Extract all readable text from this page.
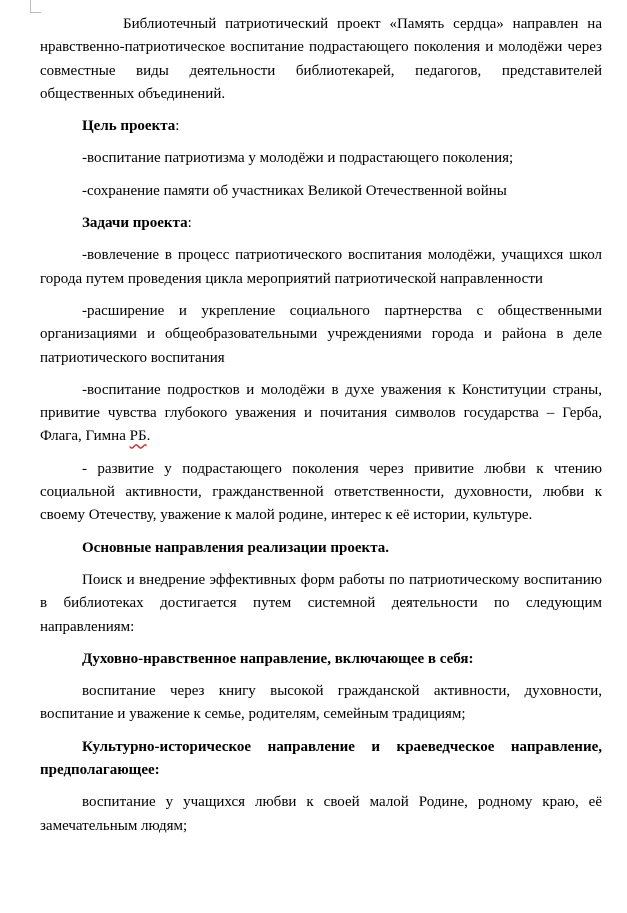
Библиотечный патриотический проект «Память сердца» направлен на нравственно-патриотическое воспитание подрастающего поколения и молодёжи через совместные виды деятельности библиотекарей, педагогов, представителей общественных объединений.

Цель проекта:

-воспитание патриотизма у молодёжи и подрастающего поколения;

-сохранение памяти об участниках Великой Отечественной войны

Задачи проекта:

-вовлечение в процесс патриотического воспитания молодёжи, учащихся школ города путем проведения цикла мероприятий патриотической направленности

-расширение и укрепление социального партнерства с общественными организациями и общеобразовательными учреждениями города и района в деле патриотического воспитания

-воспитание подростков и молодёжи в духе уважения к Конституции страны, привитие чувства глубокого уважения и почитания символов государства – Герба, Флага, Гимна РБ.

- развитие у подрастающего поколения через привитие любви к чтению социальной активности, гражданственной ответственности, духовности, любви к своему Отечеству, уважение к малой родине, интерес к её истории, культуре.

Основные направления реализации проекта.

Поиск и внедрение эффективных форм работы по патриотическому воспитанию в библиотеках достигается путем системной деятельности по следующим направлениям:

Духовно-нравственное направление, включающее в себя:

воспитание через книгу высокой гражданской активности, духовности, воспитание и уважение к семье, родителям, семейным традициям;

Культурно-историческое направление и краеведческое направление, предполагающее:

воспитание у учащихся любви к своей малой Родине, родному краю, её замечательным людям;
